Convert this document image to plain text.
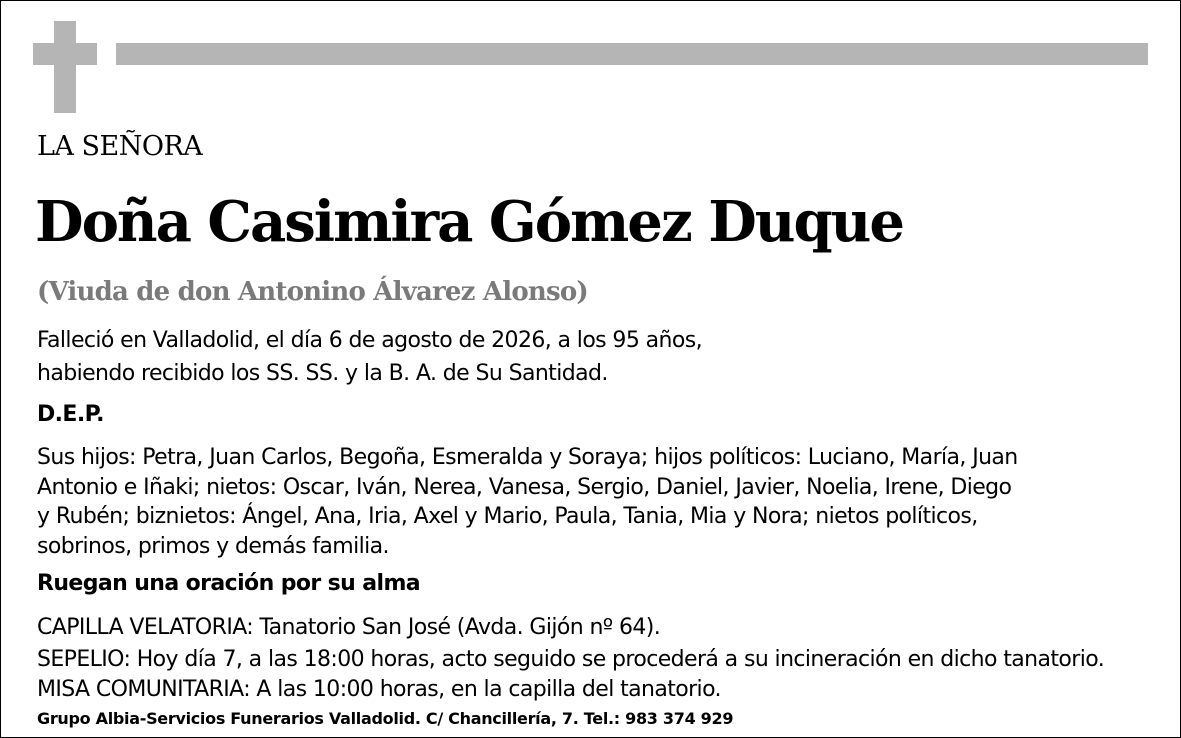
LA SEÑORA
Doña Casimira Gómez Duque
(Viuda de don Antonino Álvarez Alonso)
Falleció en Valladolid, el día 6 de agosto de 2026, a los 95 años,
habiendo recibido los SS. SS. y la B. A. de Su Santidad.
D.E.P.
Sus hijos: Petra, Juan Carlos, Begoña, Esmeralda y Soraya; hijos políticos: Luciano, María, Juan
Antonio e Iñaki; nietos: Oscar, Iván, Nerea, Vanesa, Sergio, Daniel, Javier, Noelia, Irene, Diego
y Rubén; biznietos: Ángel, Ana, Iria, Axel y Mario, Paula, Tania, Mia y Nora; nietos políticos,
sobrinos, primos y demás familia.
Ruegan una oración por su alma
CAPILLA VELATORIA: Tanatorio San José (Avda. Gijón nº 64).
SEPELIO: Hoy día 7, a las 18:00 horas, acto seguido se procederá a su incineración en dicho tanatorio.
MISA COMUNITARIA: A las 10:00 horas, en la capilla del tanatorio.
Grupo Albia-Servicios Funerarios Valladolid. C/ Chancillería, 7. Tel.: 983 374 929
